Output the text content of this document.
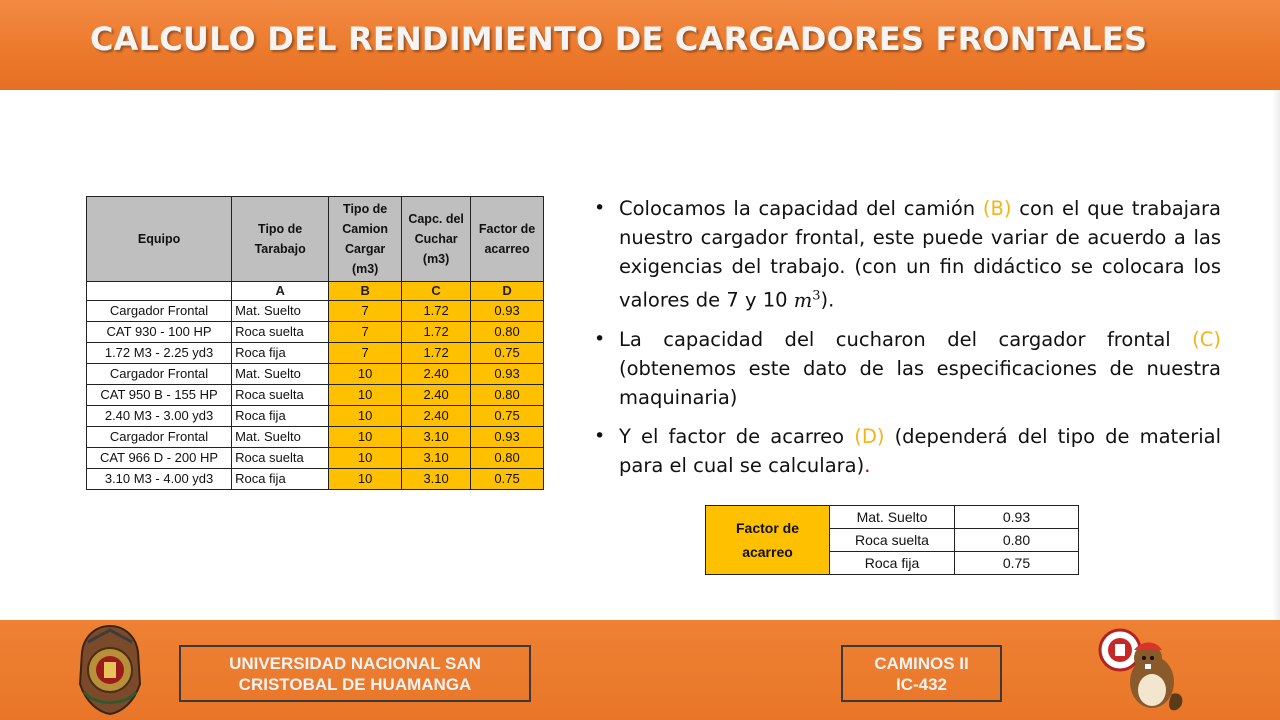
CALCULO DEL RENDIMIENTO DE CARGADORES FRONTALES
Equipo	Tipo de Tarabajo	Tipo de Camion Cargar (m3)	Capc. del Cuchar (m3)	Factor de acarreo
	A	B	C	D
Cargador Frontal	Mat. Suelto	7	1.72	0.93
CAT 930 - 100 HP	Roca suelta	7	1.72	0.80
1.72 M3 - 2.25 yd3	Roca fija	7	1.72	0.75
Cargador Frontal	Mat. Suelto	10	2.40	0.93
CAT 950 B - 155 HP	Roca suelta	10	2.40	0.80
2.40 M3 - 3.00 yd3	Roca fija	10	2.40	0.75
Cargador Frontal	Mat. Suelto	10	3.10	0.93
CAT 966 D - 200 HP	Roca suelta	10	3.10	0.80
3.10 M3 - 4.00 yd3	Roca fija	10	3.10	0.75
• Colocamos la capacidad del camión (B) con el que trabajara nuestro cargador frontal, este puede variar de acuerdo a las exigencias del trabajo. (con un fin didáctico se colocara los valores de 7 y 10 $m^3$).
• La capacidad del cucharon del cargador frontal (C) (obtenemos este dato de las especificaciones de nuestra maquinaria)
• Y el factor de acarreo (D) (dependerá del tipo de material para el cual se calculara).
Factor de
acarreo	Mat. Suelto	0.93
	Roca suelta	0.80
	Roca fija	0.75
UNIVERSIDAD NACIONAL SAN
CRISTOBAL DE HUAMANGA
CAMINOS II
IC-432
